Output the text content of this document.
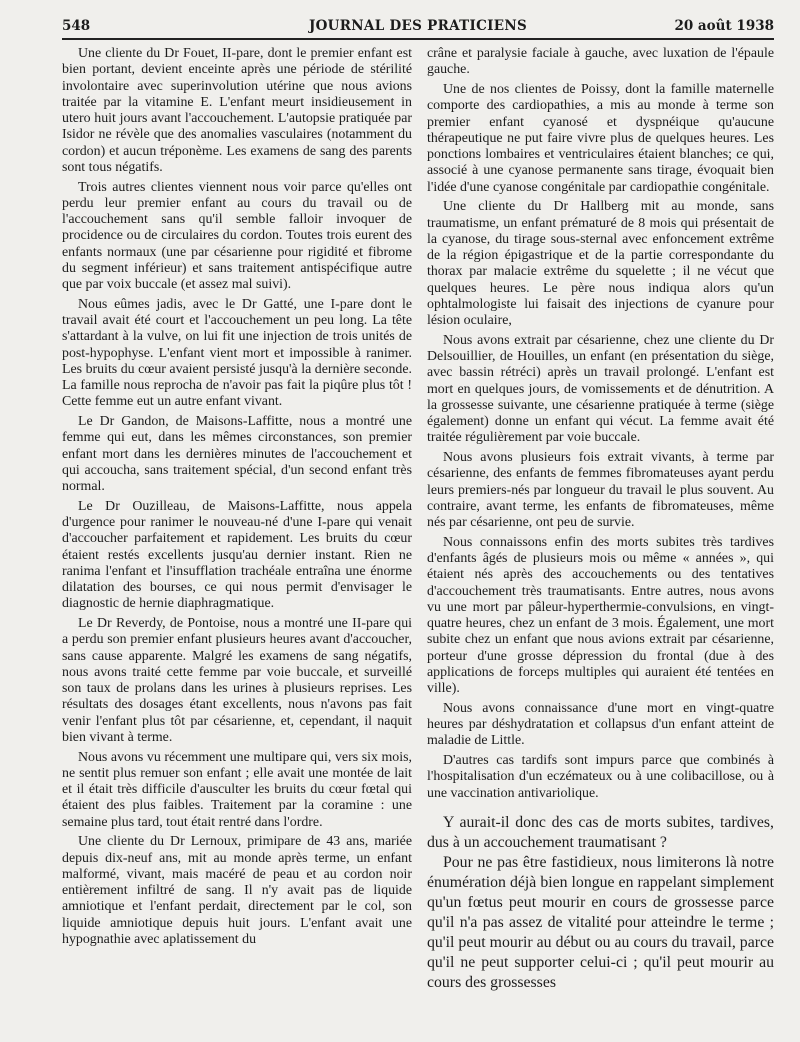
548	JOURNAL DES PRATICIENS	20 août 1938

Une cliente du Dr Fouet, II-pare, dont le premier enfant est bien portant, devient enceinte après une période de stérilité involontaire avec superinvolution utérine que nous avions traitée par la vitamine E. L'enfant meurt insidieusement in utero huit jours avant l'accouchement. L'autopsie pratiquée par Isidor ne révèle que des anomalies vasculaires (notamment du cordon) et aucun tréponème. Les examens de sang des parents sont tous négatifs.

Trois autres clientes viennent nous voir parce qu'elles ont perdu leur premier enfant au cours du travail ou de l'accouchement sans qu'il semble falloir invoquer de procidence ou de circulaires du cordon. Toutes trois eurent des enfants normaux (une par césarienne pour rigidité et fibrome du segment inférieur) et sans traitement antispécifique autre que par voix buccale (et assez mal suivi).

Nous eûmes jadis, avec le Dr Gatté, une I-pare dont le travail avait été court et l'accouchement un peu long. La tête s'attardant à la vulve, on lui fit une injection de trois unités de post-hypophyse. L'enfant vient mort et impossible à ranimer. Les bruits du cœur avaient persisté jusqu'à la dernière seconde. La famille nous reprocha de n'avoir pas fait la piqûre plus tôt ! Cette femme eut un autre enfant vivant.

Le Dr Gandon, de Maisons-Laffitte, nous a montré une femme qui eut, dans les mêmes circonstances, son premier enfant mort dans les dernières minutes de l'accouchement et qui accoucha, sans traitement spécial, d'un second enfant très normal.

Le Dr Ouzilleau, de Maisons-Laffitte, nous appela d'urgence pour ranimer le nouveau-né d'une I-pare qui venait d'accoucher parfaitement et rapidement. Les bruits du cœur étaient restés excellents jusqu'au dernier instant. Rien ne ranima l'enfant et l'insufflation trachéale entraîna une énorme dilatation des bourses, ce qui nous permit d'envisager le diagnostic de hernie diaphragmatique.

Le Dr Reverdy, de Pontoise, nous a montré une II-pare qui a perdu son premier enfant plusieurs heures avant d'accoucher, sans cause apparente. Malgré les examens de sang négatifs, nous avons traité cette femme par voie buccale, et surveillé son taux de prolans dans les urines à plusieurs reprises. Les résultats des dosages étant excellents, nous n'avons pas fait venir l'enfant plus tôt par césarienne, et, cependant, il naquit bien vivant à terme.

Nous avons vu récemment une multipare qui, vers six mois, ne sentit plus remuer son enfant ; elle avait une montée de lait et il était très difficile d'ausculter les bruits du cœur fœtal qui étaient des plus faibles. Traitement par la coramine : une semaine plus tard, tout était rentré dans l'ordre.

Une cliente du Dr Lernoux, primipare de 43 ans, mariée depuis dix-neuf ans, mit au monde après terme, un enfant malformé, vivant, mais macéré de peau et au cordon noir entièrement infiltré de sang. Il n'y avait pas de liquide amniotique et l'enfant perdait, directement par le col, son liquide amniotique depuis huit jours. L'enfant avait une hypognathie avec aplatissement du

crâne et paralysie faciale à gauche, avec luxation de l'épaule gauche.

Une de nos clientes de Poissy, dont la famille maternelle comporte des cardiopathies, a mis au monde à terme son premier enfant cyanosé et dyspnéique qu'aucune thérapeutique ne put faire vivre plus de quelques heures. Les ponctions lombaires et ventriculaires étaient blanches; ce qui, associé à une cyanose permanente sans tirage, évoquait bien l'idée d'une cyanose congénitale par cardiopathie congénitale.

Une cliente du Dr Hallberg mit au monde, sans traumatisme, un enfant prématuré de 8 mois qui présentait de la cyanose, du tirage sous-sternal avec enfoncement extrême de la région épigastrique et de la partie correspondante du thorax par malacie extrême du squelette ; il ne vécut que quelques heures. Le père nous indiqua alors qu'un ophtalmologiste lui faisait des injections de cyanure pour lésion oculaire,

Nous avons extrait par césarienne, chez une cliente du Dr Delsouillier, de Houilles, un enfant (en présentation du siège, avec bassin rétréci) après un travail prolongé. L'enfant est mort en quelques jours, de vomissements et de dénutrition. A la grossesse suivante, une césarienne pratiquée à terme (siège également) donne un enfant qui vécut. La femme avait été traitée régulièrement par voie buccale.

Nous avons plusieurs fois extrait vivants, à terme par césarienne, des enfants de femmes fibromateuses ayant perdu leurs premiers-nés par longueur du travail le plus souvent. Au contraire, avant terme, les enfants de fibromateuses, même nés par césarienne, ont peu de survie.

Nous connaissons enfin des morts subites très tardives d'enfants âgés de plusieurs mois ou même « années », qui étaient nés après des accouchements ou des tentatives d'accouchement très traumatisants. Entre autres, nous avons vu une mort par pâleur-hyperthermie-convulsions, en vingt-quatre heures, chez un enfant de 3 mois. Également, une mort subite chez un enfant que nous avions extrait par césarienne, porteur d'une grosse dépression du frontal (due à des applications de forceps multiples qui auraient été tentées en ville).

Nous avons connaissance d'une mort en vingt-quatre heures par déshydratation et collapsus d'un enfant atteint de maladie de Little.

D'autres cas tardifs sont impurs parce que combinés à l'hospitalisation d'un eczémateux ou à une colibacillose, ou à une vaccination antivariolique.

Y aurait-il donc des cas de morts subites, tardives, dus à un accouchement traumatisant ?

Pour ne pas être fastidieux, nous limiterons là notre énumération déjà bien longue en rappelant simplement qu'un fœtus peut mourir en cours de grossesse parce qu'il n'a pas assez de vitalité pour atteindre le terme ; qu'il peut mourir au début ou au cours du travail, parce qu'il ne peut supporter celui-ci ; qu'il peut mourir au cours des grossesses
